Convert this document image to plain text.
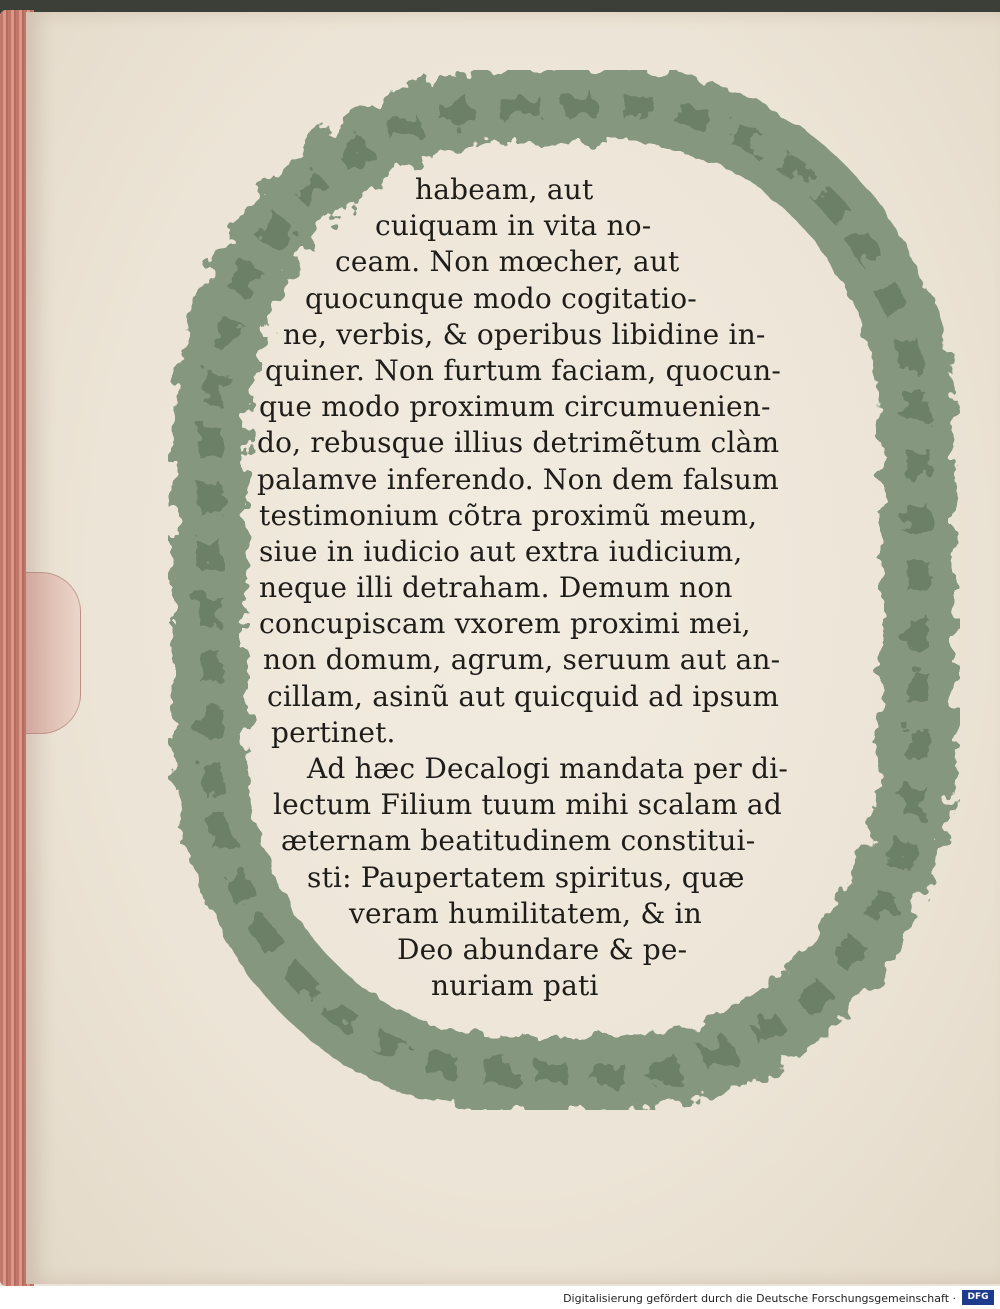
habeam, aut
cuiquam in vita no-
ceam. Non mœcher, aut
quocunque modo cogitatio-
ne, verbis, & operibus libidine in-
quiner. Non furtum faciam, quocun-
que modo proximum circumuenien-
do, rebusque illius detrimẽtum clàm
palamve inferendo. Non dem falsum
testimonium cõtra proximũ meum,
siue in iudicio aut extra iudicium,
neque illi detraham. Demum non
concupiscam vxorem proximi mei,
non domum, agrum, seruum aut an-
cillam, asinũ aut quicquid ad ipsum
pertinet.
Ad hæc Decalogi mandata per di-
lectum Filium tuum mihi scalam ad
æternam beatitudinem constitui-
sti: Paupertatem spiritus, quæ
veram humilitatem, & in
Deo abundare & pe-
nuriam pati
Digitalisierung gefördert durch die Deutsche Forschungsgemeinschaft ·	DFG
